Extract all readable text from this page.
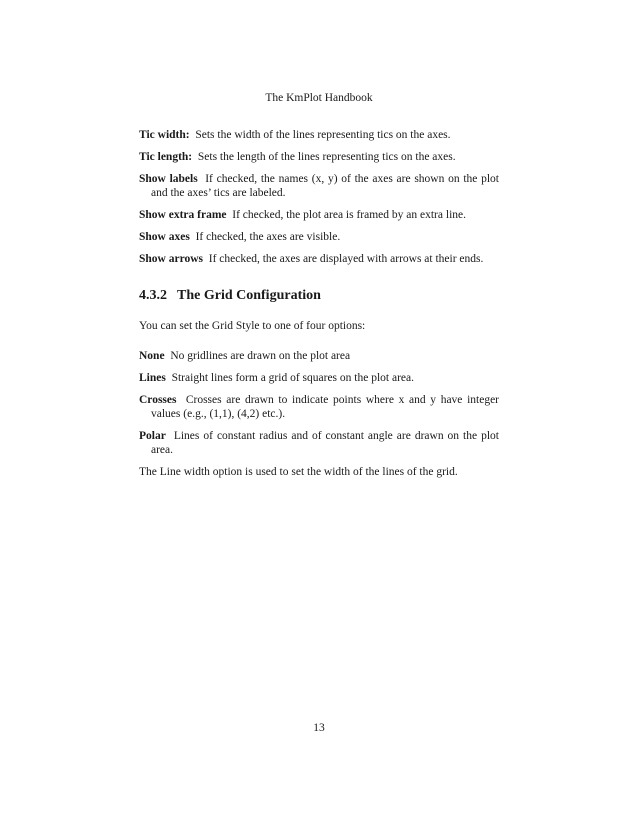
The KmPlot Handbook

Tic width: Sets the width of the lines representing tics on the axes.

Tic length: Sets the length of the lines representing tics on the axes.

Show labels If checked, the names (x, y) of the axes are shown on the plot and the axes’ tics are labeled.

Show extra frame If checked, the plot area is framed by an extra line.

Show axes If checked, the axes are visible.

Show arrows If checked, the axes are displayed with arrows at their ends.

4.3.2 The Grid Configuration

You can set the Grid Style to one of four options:

None No gridlines are drawn on the plot area

Lines Straight lines form a grid of squares on the plot area.

Crosses Crosses are drawn to indicate points where x and y have integer values (e.g., (1,1), (4,2) etc.).

Polar Lines of constant radius and of constant angle are drawn on the plot area.

The Line width option is used to set the width of the lines of the grid.

13
